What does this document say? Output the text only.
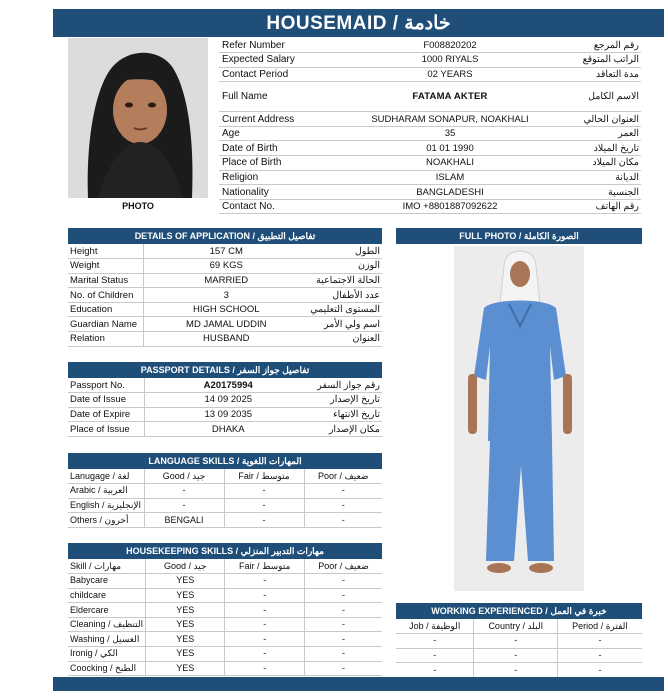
HOUSEMAID / خادمة
PHOTO
Refer Number	F008820202	رقم المرجع
Expected Salary	1000 RIYALS	الراتب المتوقع
Contact Period	02 YEARS	مدة التعاقد
Full Name	FATAMA AKTER	الاسم الكامل
Current Address	SUDHARAM SONAPUR, NOAKHALI	العنوان الحالي
Age	35	العمر
Date of Birth	01 01 1990	تاريخ الميلاد
Place of Birth	NOAKHALI	مكان الميلاد
Religion	ISLAM	الديانة
Nationality	BANGLADESHI	الجنسية
Contact No.	IMO +8801887092622	رقم الهاتف
DETAILS OF APPLICATION / تفاصيل التطبيق
Height	157 CM	الطول
Weight	69 KGS	الوزن
Marital Status	MARRIED	الحالة الاجتماعية
No. of Children	3	عدد الأطفال
Education	HIGH SCHOOL	المستوى التعليمي
Guardian Name	MD JAMAL UDDIN	اسم ولي الأمر
Relation	HUSBAND	العنوان
PASSPORT DETAILS / تفاصيل جواز السفر
Passport No.	A20175994	رقم جواز السفر
Date of Issue	14 09 2025	تاريخ الإصدار
Date of Expire	13 09 2035	تاريخ الانتهاء
Place of Issue	DHAKA	مكان الإصدار
LANGUAGE SKILLS / المهارات اللغوية
Lanugage / لغة	Good / جيد	Fair / متوسط	Poor / ضعيف
Arabic / العربية	-	-	-
English / الإنجليزية	-	-	-
Others / أخرون	BENGALI	-	-
HOUSEKEEPING SKILLS / مهارات التدبير المنزلي
Skill / مهارات	Good / جيد	Fair / متوسط	Poor / ضعيف
Babycare	YES	-	-
childcare	YES	-	-
Eldercare	YES	-	-
Cleaning / التنظيف	YES	-	-
Washing / الغسيل	YES	-	-
Ironig / الكي	YES	-	-
Coocking / الطبخ	YES	-	-
FULL PHOTO / الصورة الكاملة
WORKING EXPERIENCED / خبرة في العمل
Job / الوظيفة	Country / البلد	Period / الفترة
-	-	-
-	-	-
-	-	-
